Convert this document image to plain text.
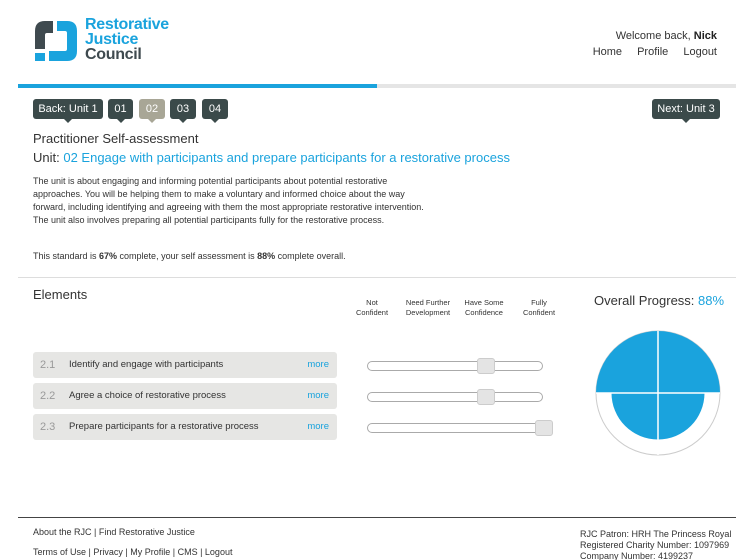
Restorative
Justice
Council
Welcome back, Nick
Home Profile Logout
Back: Unit 1	01	02	03	04	Next: Unit 3
Practitioner Self-assessment
Unit: 02 Engage with participants and prepare participants for a restorative process

The unit is about engaging and informing potential participants about potential restorative approaches. You will be helping them to make a voluntary and informed choice about the way forward, including identifying and agreeing with them the most appropriate restorative intervention. The unit also involves preparing all potential participants fully for the restorative process.

This standard is 67% complete, your self assessment is 88% complete overall.

Elements
Not Confident
Need Further Development
Have Some Confidence
Fully Confident
2.1 Identify and engage with participants	more
2.2 Agree a choice of restorative process	more
2.3 Prepare participants for a restorative process	more
Overall Progress: 88%
About the RJC | Find Restorative Justice
Terms of Use | Privacy | My Profile | CMS | Logout
RJC Patron: HRH The Princess Royal
Registered Charity Number: 1097969
Company Number: 4199237
